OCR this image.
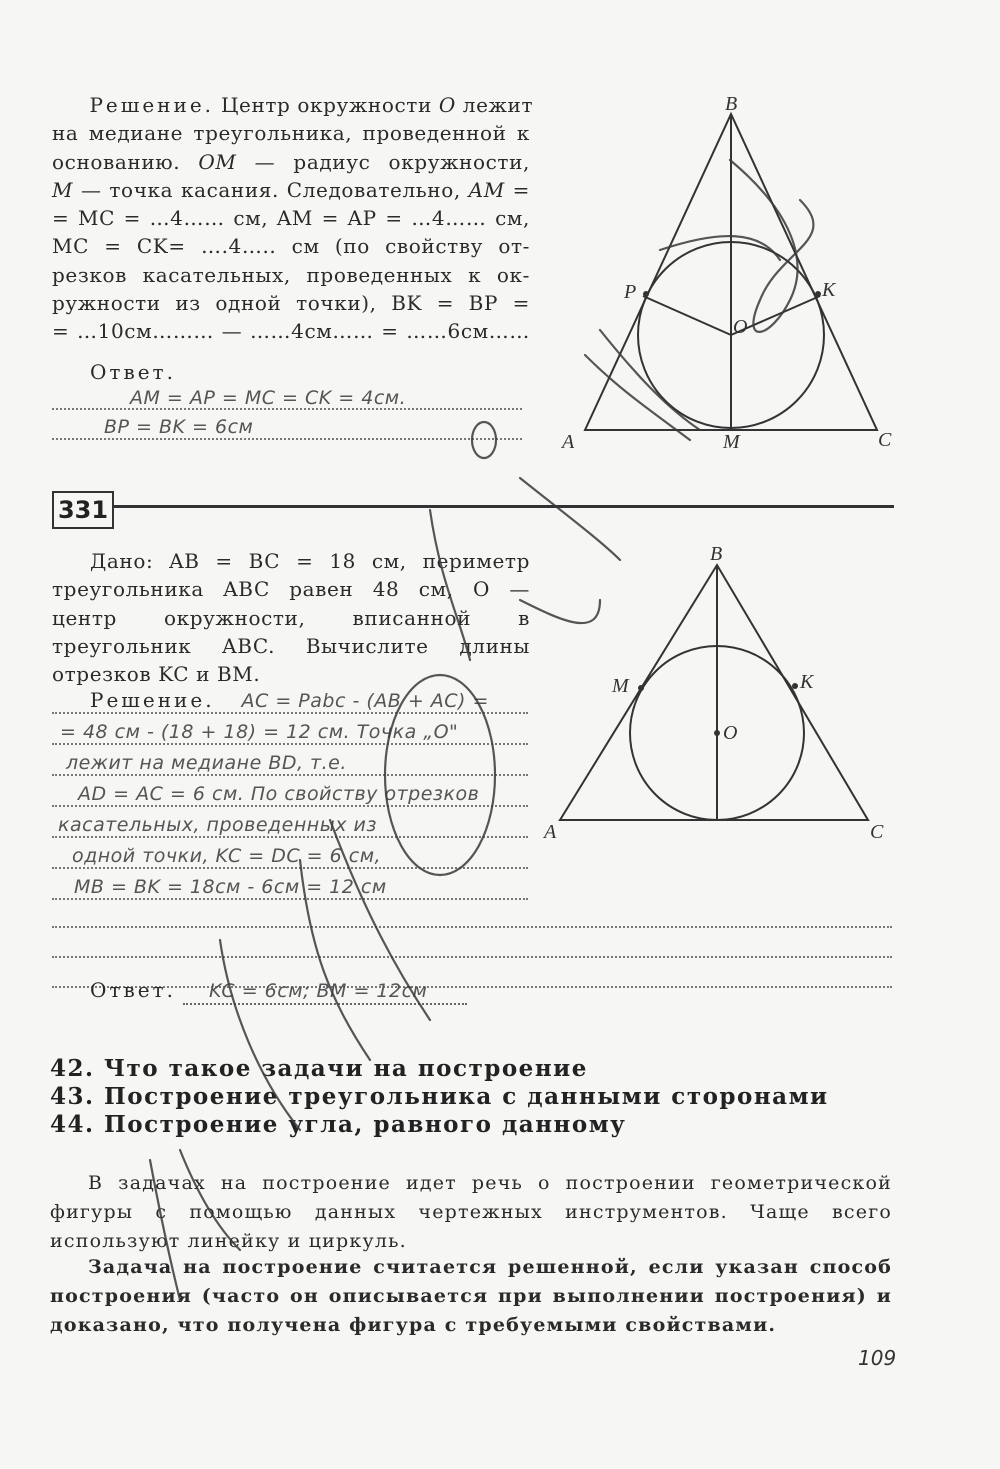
Решение. Центр окружности O лежит
на медиане треугольника, проведенной к
основанию. OM — радиус окружности,
M — точка касания. Следовательно, AM =
= MC = …4…… см, AM = AP = …4…… см,
MC = CK= ….4….. см (по свойству от-
резков касательных, проведенных к ок-
ружности из одной точки), BK = BP =
= …10см……… — ……4см…… = ……6см……
Ответ.
AM = AP = MC = CK = 4см.
BP = BK = 6см
B
P	K
O
A	M	C
331
Дано: AB = BC = 18 см, периметр
треугольника ABC равен 48 см, O —
центр окружности, вписанной в
треугольник ABC. Вычислите длины
отрезков KC и BM.
Решение. AC = Pabc - (AB + AC) =
= 48 см - (18 + 18) = 12 см. Точка „O"
лежит на медиане BD, т.е.
AD = AC = 6 см. По свойству отрезков
касательных, проведенных из
одной точки, KC = DC = 6 см,
MB = BK = 18см - 6см = 12 см
Ответ. KC = 6см; BM = 12см
B
M	K
O
A	C
42. Что такое задачи на построение
43. Построение треугольника с данными сторонами
44. Построение угла, равного данному
В задачах на построение идет речь о построении геометрической фигуры с помощью данных чертежных инструментов. Чаще всего используют линейку и циркуль.
Задача на построение считается решенной, если указан способ построения (часто он описывается при выполнении построения) и доказано, что получена фигура с требуемыми свойствами.
109
